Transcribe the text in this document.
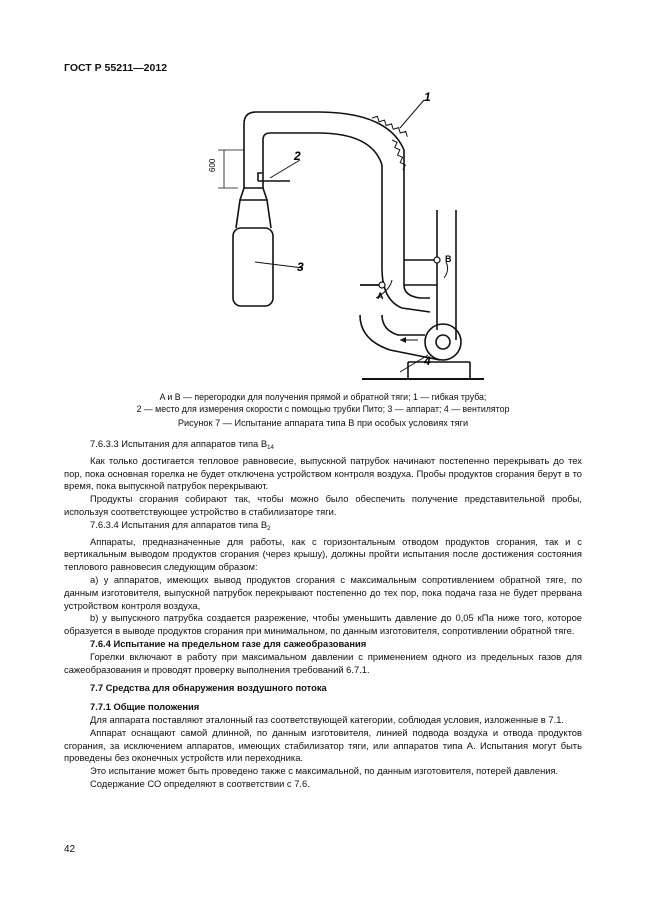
ГОСТ Р 55211—2012
600
1
2
3
4
A
B
A и B — перегородки для получения прямой и обратной тяги; 1 — гибкая труба;
2 — место для измерения скорости с помощью трубки Пито; 3 — аппарат; 4 — вентилятор
Рисунок 7 — Испытание аппарата типа В при особых условиях тяги

7.6.3.3 Испытания для аппаратов типа $В_{14}$

Как только достигается тепловое равновесие, выпускной патрубок начинают постепенно перекрывать до тех пор, пока основная горелка не будет отключена устройством контроля воздуха. Пробы продуктов сгорания берут в то время, пока выпускной патрубок перекрывают.

Продукты сгорания собирают так, чтобы можно было обеспечить получение представительной пробы, используя соответствующее устройство в стабилизаторе тяги.

7.6.3.4 Испытания для аппаратов типа $В_2$

Аппараты, предназначенные для работы, как с горизонтальным отводом продуктов сгорания, так и с вертикальным выводом продуктов сгорания (через крышу), должны пройти испытания после достижения состояния теплового равновесия следующим образом:

а) у аппаратов, имеющих вывод продуктов сгорания с максимальным сопротивлением обратной тяге, по данным изготовителя, выпускной патрубок перекрывают постепенно до тех пор, пока подача газа не будет прервана устройством контроля воздуха,

b) у выпускного патрубка создается разрежение, чтобы уменьшить давление до 0,05 кПа ниже того, которое образуется в выводе продуктов сгорания при минимальном, по данным изготовителя, сопротивлении обратной тяге.

7.6.4 Испытание на предельном газе для сажеобразования

Горелки включают в работу при максимальном давлении с применением одного из предельных газов для сажеобразования и проводят проверку выполнения требований 6.7.1.

7.7 Средства для обнаружения воздушного потока

7.7.1 Общие положения

Для аппарата поставляют эталонный газ соответствующей категории, соблюдая условия, изложенные в 7.1.

Аппарат оснащают самой длинной, по данным изготовителя, линией подвода воздуха и отвода продуктов сгорания, за исключением аппаратов, имеющих стабилизатор тяги, или аппаратов типа А. Испытания могут быть проведены без оконечных устройств или переходника.

Это испытание может быть проведено также с максимальной, по данным изготовителя, потерей давления.

Содержание СО определяют в соответствии с 7.6.

42
